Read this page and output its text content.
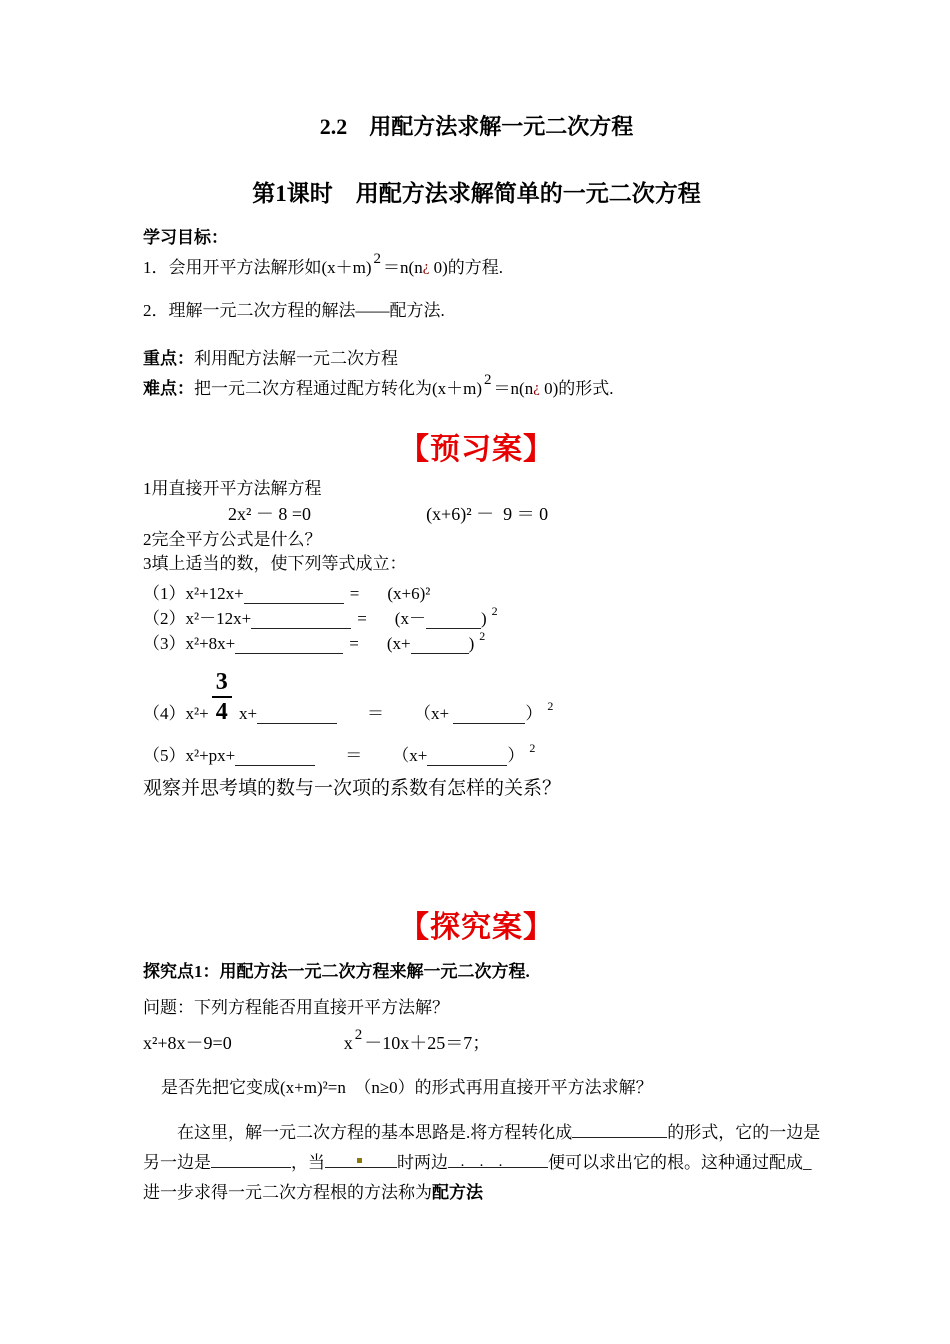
2.2　用配方法求解一元二次方程
第1课时　用配方法求解简单的一元二次方程
学习目标：
1．会用开平方法解形如(x＋m) 2 ＝n(n¿ 0)的方程.
2．理解一元二次方程的解法——配方法.
重点：利用配方法解一元二次方程
难点：把一元二次方程通过配方转化为(x＋m) 2 ＝n(n¿ 0)的形式.
【预习案】
1用直接开平方法解方程
2x² － 8 =0	(x+6)² －  9 ＝ 0
2完全平方公式是什么？
3填上适当的数，使下列等式成立：
（1）x²+12x+	= (x+6)²
（2）x²－12x+	= (x－	) 2
（3）x²+8x+	= (x+	) 2
$(4)x^2+ \frac{3}{4} x+$	＝ （x+	） 2
（5）x²+px+	＝ （x+	） 2
观察并思考填的数与一次项的系数有怎样的关系？
【探究案】
探究点1：用配方法一元二次方程来解一元二次方程.
问题：下列方程能否用直接开平方法解？
x²+8x－9=0	x $^2$ －10x＋25＝7；
是否先把它变成(x+m)²=n　（n≥0）的形式再用直接开平方法求解？
在这里，解一元二次方程的基本思路是.将方程转化成	的形式，它的一边是
另一边是	，当	时两边 ··· 便可以求出它的根。这种通过配成_
进一步求得一元二次方程根的方法称为配方法
